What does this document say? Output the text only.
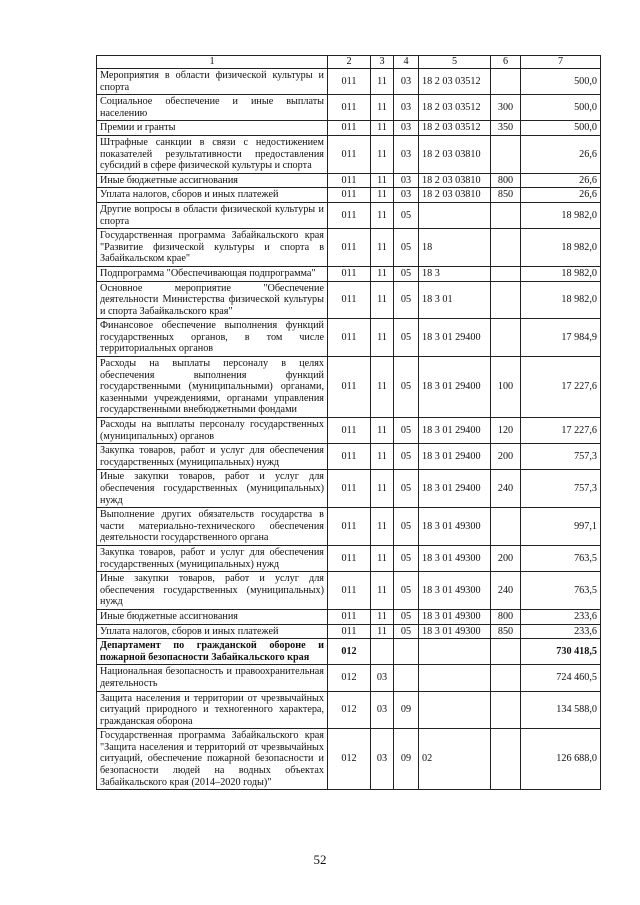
1	2	3	4	5	6	7
Мероприятия в области физической культуры и спорта	011	11	03	18 2 03 03512		500,0
Социальное обеспечение и иные выплаты населению	011	11	03	18 2 03 03512	300	500,0
Премии и гранты	011	11	03	18 2 03 03512	350	500,0
Штрафные санкции в связи с недостижением показателей результативности предоставления субсидий в сфере физической культуры и спорта	011	11	03	18 2 03 03810		26,6
Иные бюджетные ассигнования	011	11	03	18 2 03 03810	800	26,6
Уплата налогов, сборов и иных платежей	011	11	03	18 2 03 03810	850	26,6
Другие вопросы в области физической культуры и спорта	011	11	05			18 982,0
Государственная программа Забайкальского края "Развитие физической культуры и спорта в Забайкальском крае"	011	11	05	18		18 982,0
Подпрограмма "Обеспечивающая подпрограмма"	011	11	05	18 3		18 982,0
Основное мероприятие "Обеспечение деятельности Министерства физической культуры и спорта Забайкальского края"	011	11	05	18 3 01		18 982,0
Финансовое обеспечение выполнения функций государственных органов, в том числе территориальных органов	011	11	05	18 3 01 29400		17 984,9
Расходы на выплаты персоналу в целях обеспечения выполнения функций государственными (муниципальными) органами, казенными учреждениями, органами управления государственными внебюджетными фондами	011	11	05	18 3 01 29400	100	17 227,6
Расходы на выплаты персоналу государственных (муниципальных) органов	011	11	05	18 3 01 29400	120	17 227,6
Закупка товаров, работ и услуг для обеспечения государственных (муниципальных) нужд	011	11	05	18 3 01 29400	200	757,3
Иные закупки товаров, работ и услуг для обеспечения государственных (муниципальных) нужд	011	11	05	18 3 01 29400	240	757,3
Выполнение других обязательств государства в части материально-технического обеспечения деятельности государственного органа	011	11	05	18 3 01 49300		997,1
Закупка товаров, работ и услуг для обеспечения государственных (муниципальных) нужд	011	11	05	18 3 01 49300	200	763,5
Иные закупки товаров, работ и услуг для обеспечения государственных (муниципальных) нужд	011	11	05	18 3 01 49300	240	763,5
Иные бюджетные ассигнования	011	11	05	18 3 01 49300	800	233,6
Уплата налогов, сборов и иных платежей	011	11	05	18 3 01 49300	850	233,6
Департамент по гражданской обороне и пожарной безопасности Забайкальского края	012					730 418,5
Национальная безопасность и правоохранительная деятельность	012	03				724 460,5
Защита населения и территории от чрезвычайных ситуаций природного и техногенного характера, гражданская оборона	012	03	09			134 588,0
Государственная программа Забайкальского края "Защита населения и территорий от чрезвычайных ситуаций, обеспечение пожарной безопасности и безопасности людей на водных объектах Забайкальского края (2014–2020 годы)"	012	03	09	02		126 688,0
52
